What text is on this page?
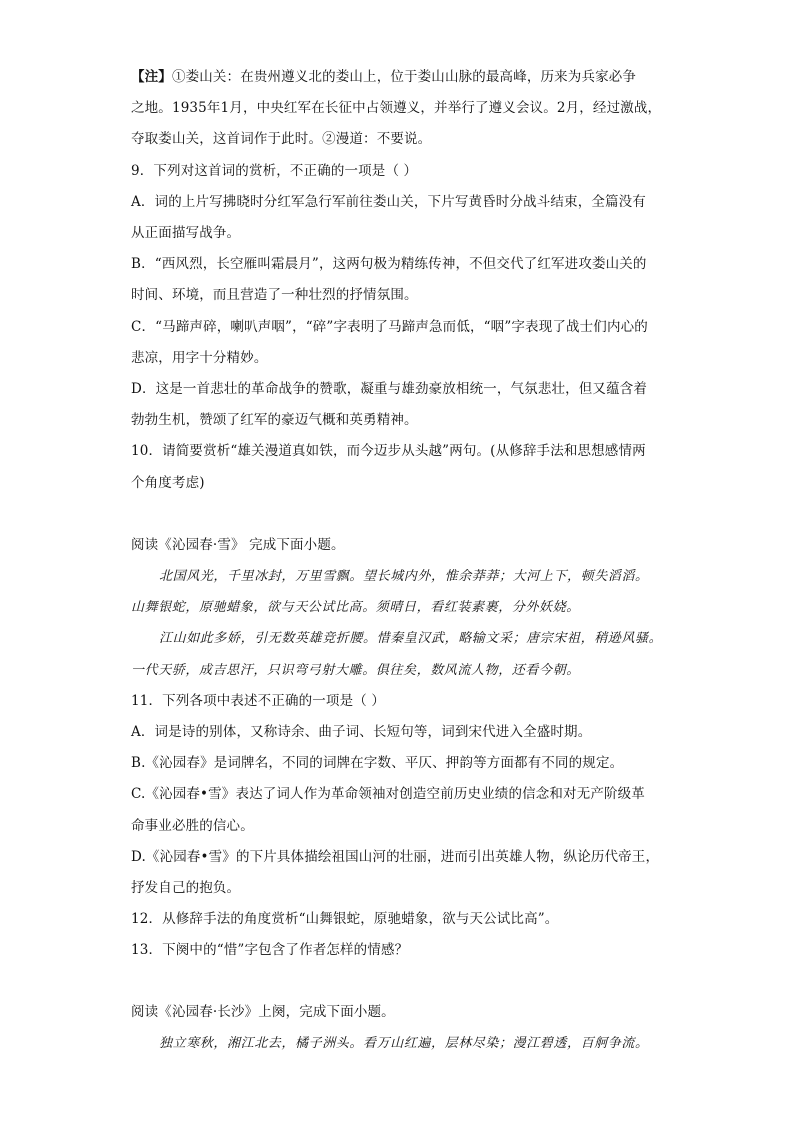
【注】①娄山关：在贵州遵义北的娄山上，位于娄山山脉的最高峰，历来为兵家必争

之地。1935年1月，中央红军在长征中占领遵义，并举行了遵义会议。2月，经过激战，

夺取娄山关，这首词作于此时。②漫道：不要说。

9．下列对这首词的赏析，不正确的一项是（ ）

A．词的上片写拂晓时分红军急行军前往娄山关，下片写黄昏时分战斗结束，全篇没有

从正面描写战争。

B．“西风烈，长空雁叫霜晨月”，这两句极为精练传神，不但交代了红军进攻娄山关的

时间、环境，而且营造了一种壮烈的抒情氛围。

C．“马蹄声碎，喇叭声咽”，“碎”字表明了马蹄声急而低，“咽”字表现了战士们内心的

悲凉，用字十分精妙。

D．这是一首悲壮的革命战争的赞歌，凝重与雄劲豪放相统一，气氛悲壮，但又蕴含着

勃勃生机，赞颂了红军的豪迈气概和英勇精神。

10．请简要赏析“雄关漫道真如铁，而今迈步从头越”两句。(从修辞手法和思想感情两

个角度考虑)

阅读《沁园春·雪》 完成下面小题。

北国风光，千里冰封，万里雪飘。望长城内外，惟余莽莽；大河上下，顿失滔滔。

山舞银蛇，原驰蜡象，欲与天公试比高。须晴日，看红装素裹，分外妖娆。

江山如此多娇，引无数英雄竞折腰。惜秦皇汉武，略输文采；唐宗宋祖，稍逊风骚。

一代天骄，成吉思汗，只识弯弓射大雕。俱往矣，数风流人物，还看今朝。

11．下列各项中表述不正确的一项是（ ）

A．词是诗的别体，又称诗余、曲子词、长短句等，词到宋代进入全盛时期。

B.《沁园春》是词牌名，不同的词牌在字数、平仄、押韵等方面都有不同的规定。

C.《沁园春•雪》表达了词人作为革命领袖对创造空前历史业绩的信念和对无产阶级革

命事业必胜的信心。

D.《沁园春•雪》的下片具体描绘祖国山河的壮丽，进而引出英雄人物，纵论历代帝王，

抒发自己的抱负。

12．从修辞手法的角度赏析“山舞银蛇，原驰蜡象，欲与天公试比高”。

13．下阕中的“惜”字包含了作者怎样的情感？

阅读《沁园春·长沙》上阕，完成下面小题。

独立寒秋，湘江北去，橘子洲头。看万山红遍，层林尽染；漫江碧透，百舸争流。
